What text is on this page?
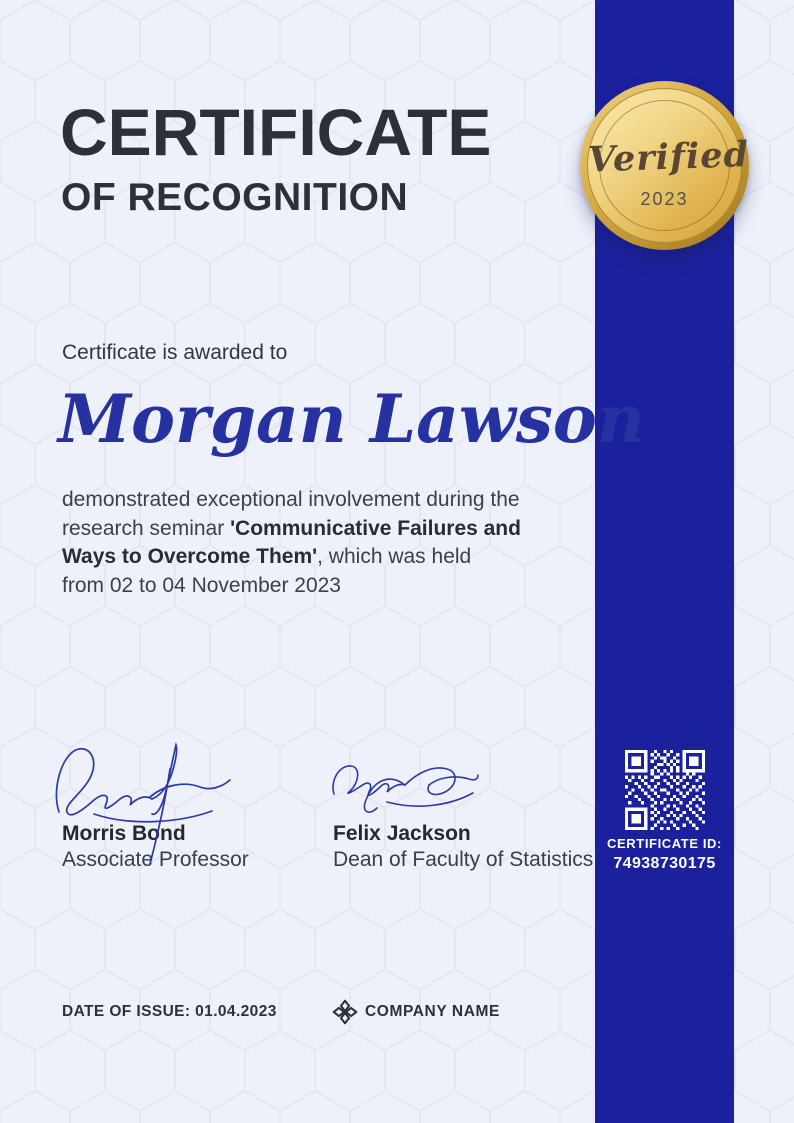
Verified
2023
CERTIFICATE
OF RECOGNITION
Certificate is awarded to
Morgan Lawson
demonstrated exceptional involvement during the
research seminar 'Communicative Failures and
Ways to Overcome Them', which was held
from 02 to 04 November 2023
Morris Bond
Associate Professor
Felix Jackson
Dean of Faculty of Statistics
CERTIFICATE ID:
74938730175
DATE OF ISSUE: 01.04.2023	COMPANY NAME
